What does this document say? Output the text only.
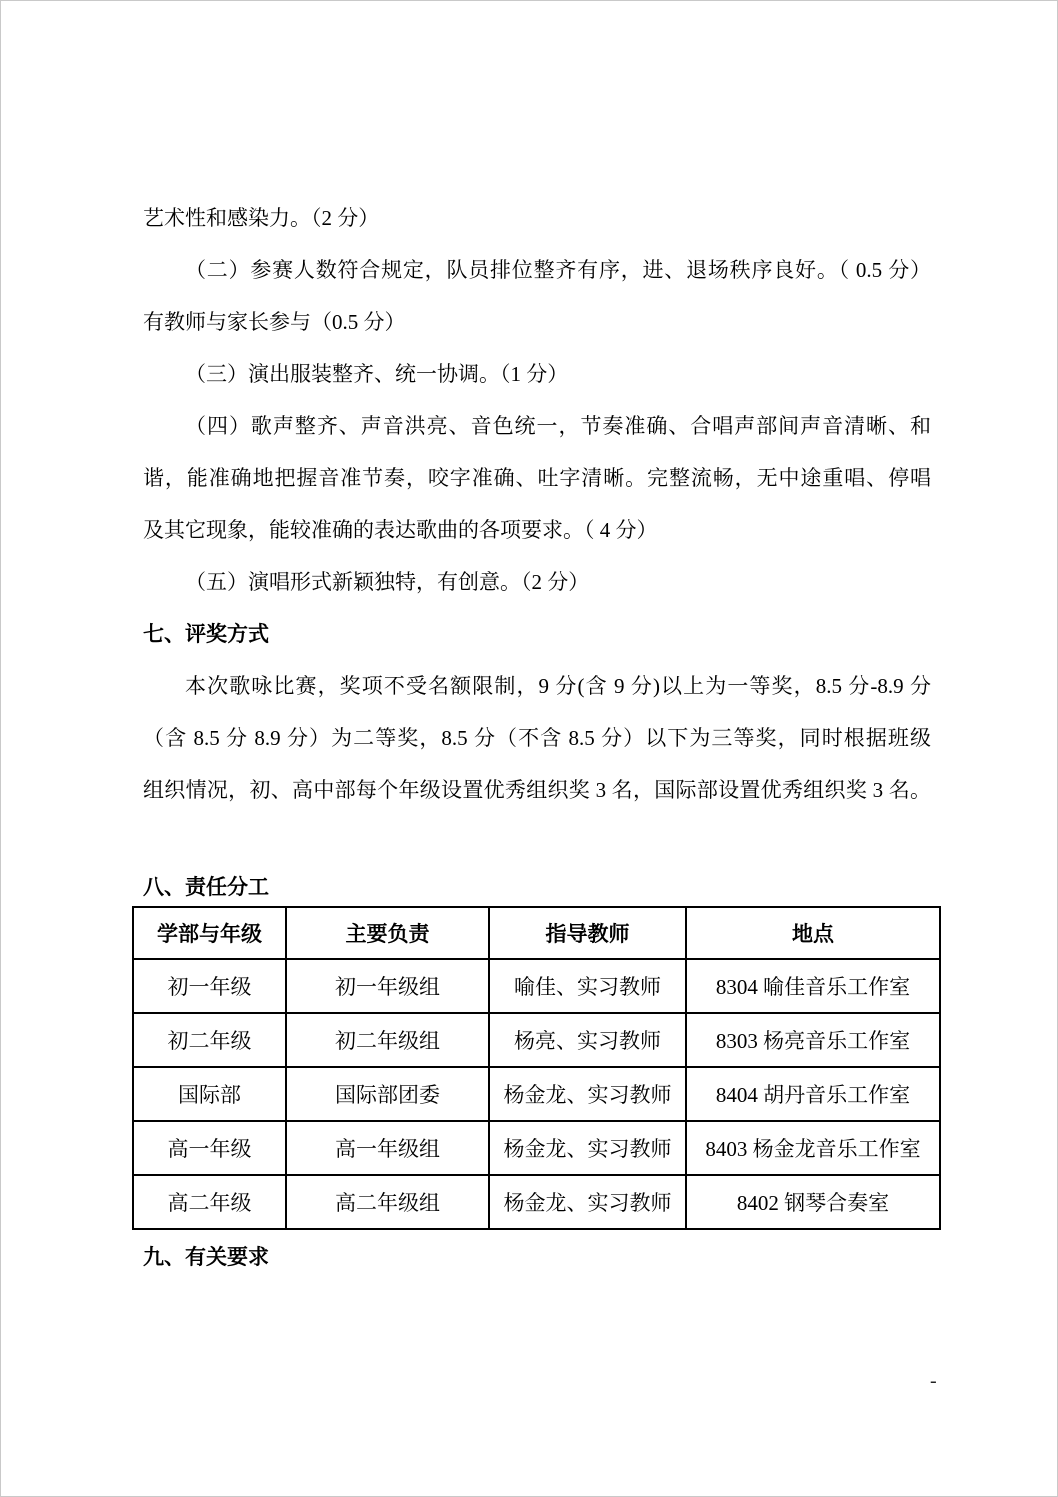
艺术性和感染力。（2 分）
（二）参赛人数符合规定，队员排位整齐有序，进、退场秩序良好。（ 0.5 分）
有教师与家长参与（0.5 分）
（三）演出服装整齐、统一协调。（1 分）
（四）歌声整齐、声音洪亮、音色统一，节奏准确、合唱声部间声音清晰、和
谐，能准确地把握音准节奏，咬字准确、吐字清晰。完整流畅，无中途重唱、停唱
及其它现象，能较准确的表达歌曲的各项要求。（ 4 分）
（五）演唱形式新颖独特，有创意。（2 分）
七、评奖方式
本次歌咏比赛，奖项不受名额限制，9 分(含 9 分)以上为一等奖，8.5 分-8.9 分
（含 8.5 分 8.9 分）为二等奖，8.5 分（不含 8.5 分）以下为三等奖，同时根据班级
组织情况，初、高中部每个年级设置优秀组织奖 3 名，国际部设置优秀组织奖 3 名。
八、责任分工
学部与年级	主要负责	指导教师	地点
初一年级	初一年级组	喻佳、实习教师	8304 喻佳音乐工作室
初二年级	初二年级组	杨亮、实习教师	8303 杨亮音乐工作室
国际部	国际部团委	杨金龙、实习教师	8404 胡丹音乐工作室
高一年级	高一年级组	杨金龙、实习教师	8403 杨金龙音乐工作室
高二年级	高二年级组	杨金龙、实习教师	8402 钢琴合奏室
九、有关要求
-
